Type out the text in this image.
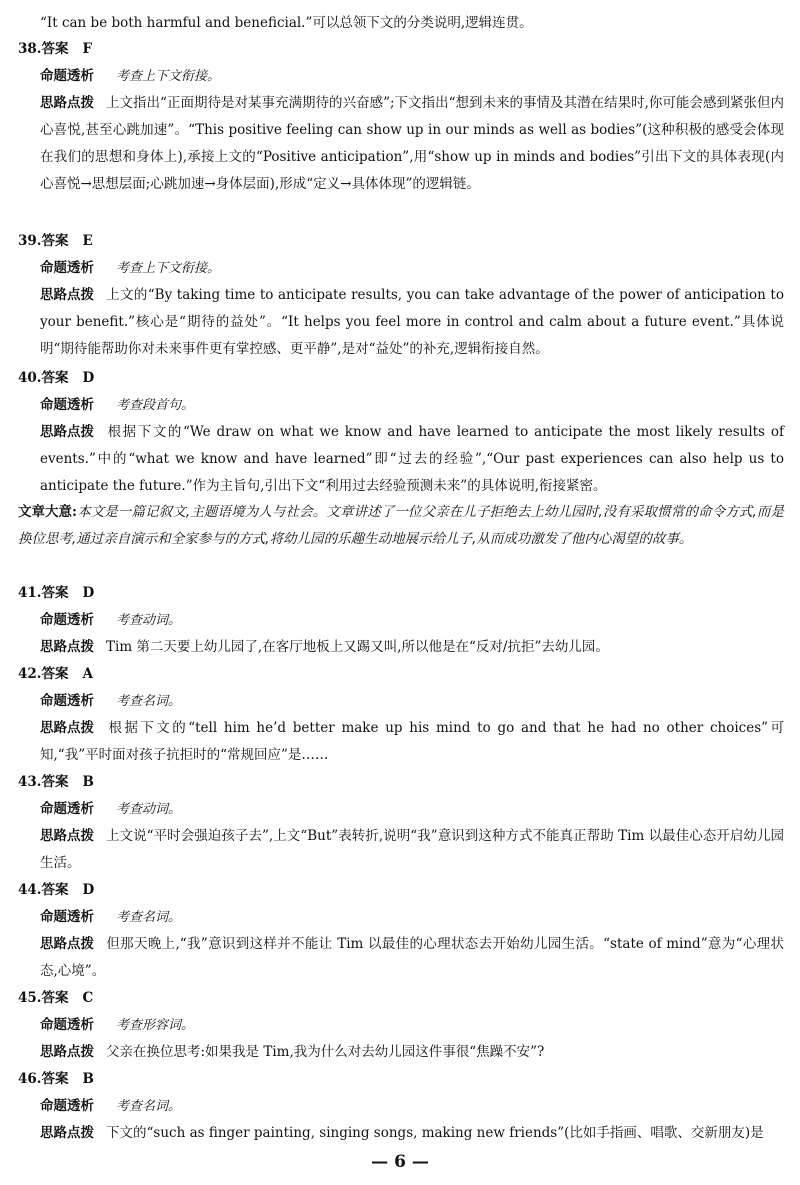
“It can be both harmful and beneficial.”可以总领下文的分类说明,逻辑连贯。
38.答案 F
命题透析 考查上下文衔接。
思路点拨 上文指出“正面期待是对某事充满期待的兴奋感”;下文指出“想到未来的事情及其潜在结果时,你可能会感到紧张但内心喜悦,甚至心跳加速”。“This positive feeling can show up in our minds as well as bodies”(这种积极的感受会体现在我们的思想和身体上),承接上文的“Positive anticipation”,用“show up in minds and bodies”引出下文的具体表现(内心喜悦→思想层面;心跳加速→身体层面),形成“定义→具体体现”的逻辑链。
39.答案 E
命题透析 考查上下文衔接。
思路点拨 上文的“By taking time to anticipate results, you can take advantage of the power of anticipation to your benefit.”核心是“期待的益处”。“It helps you feel more in control and calm about a future event.”具体说明“期待能帮助你对未来事件更有掌控感、更平静”,是对“益处”的补充,逻辑衔接自然。
40.答案 D
命题透析 考查段首句。
思路点拨 根据下文的“We draw on what we know and have learned to anticipate the most likely results of events.”中的“what we know and have learned”即“过去的经验”,“Our past experiences can also help us to anticipate the future.”作为主旨句,引出下文“利用过去经验预测未来”的具体说明,衔接紧密。
文章大意:本文是一篇记叙文,主题语境为人与社会。文章讲述了一位父亲在儿子拒绝去上幼儿园时,没有采取惯常的命令方式,而是换位思考,通过亲自演示和全家参与的方式,将幼儿园的乐趣生动地展示给儿子,从而成功激发了他内心渴望的故事。
41.答案 D
命题透析 考查动词。
思路点拨 Tim 第二天要上幼儿园了,在客厅地板上又踢又叫,所以他是在“反对/抗拒”去幼儿园。
42.答案 A
命题透析 考查名词。
思路点拨 根据下文的“tell him he’d better make up his mind to go and that he had no other choices”可知,“我”平时面对孩子抗拒时的“常规回应”是……
43.答案 B
命题透析 考查动词。
思路点拨 上文说“平时会强迫孩子去”,上文“But”表转折,说明“我”意识到这种方式不能真正帮助 Tim 以最佳心态开启幼儿园生活。
44.答案 D
命题透析 考查名词。
思路点拨 但那天晚上,“我”意识到这样并不能让 Tim 以最佳的心理状态去开始幼儿园生活。“state of mind”意为“心理状态,心境”。
45.答案 C
命题透析 考查形容词。
思路点拨 父亲在换位思考:如果我是 Tim,我为什么对去幼儿园这件事很“焦躁不安”?
46.答案 B
命题透析 考查名词。
思路点拨 下文的“such as finger painting, singing songs, making new friends”(比如手指画、唱歌、交新朋友)是
— 6 —
